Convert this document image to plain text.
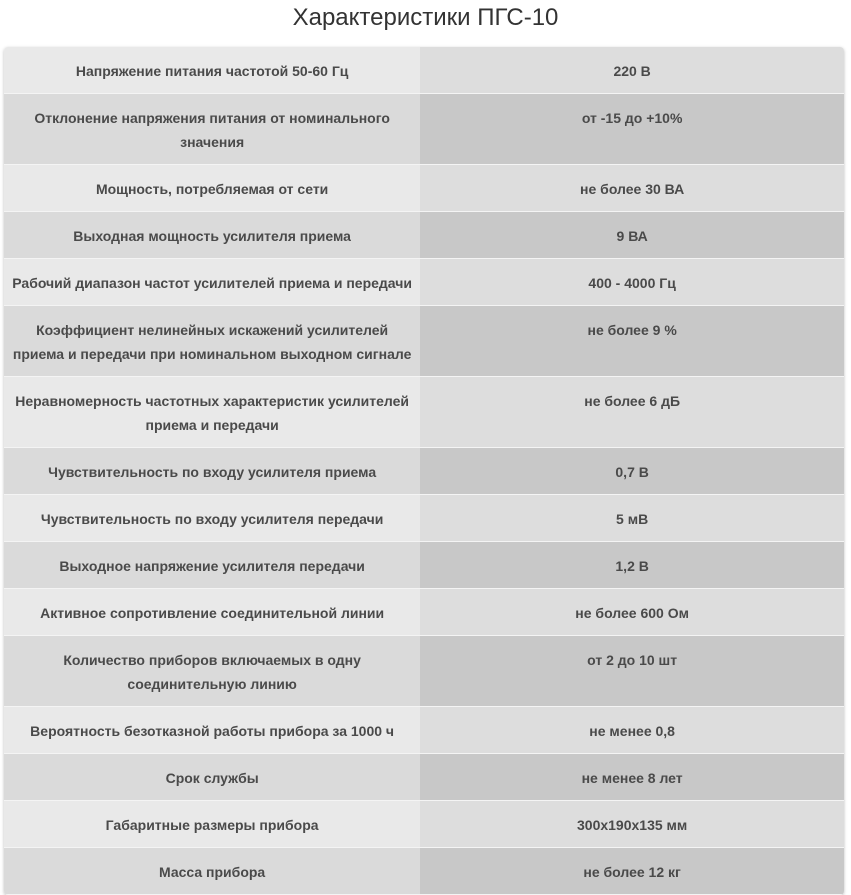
Характеристики ПГС-10
Напряжение питания частотой 50-60 Гц	220 В
Отклонение напряжения питания от номинального значения	от -15 до +10%
Мощность, потребляемая от сети	не более 30 ВА
Выходная мощность усилителя приема	9 ВА
Рабочий диапазон частот усилителей приема и передачи	400 - 4000 Гц
Коэффициент нелинейных искажений усилителей приема и передачи при номинальном выходном сигнале	не более 9 %
Неравномерность частотных характеристик усилителей приема и передачи	не более 6 дБ
Чувствительность по входу усилителя приема	0,7 В
Чувствительность по входу усилителя передачи	5 мВ
Выходное напряжение усилителя передачи	1,2 В
Активное сопротивление соединительной линии	не более 600 Ом
Количество приборов включаемых в одну соединительную линию	от 2 до 10 шт
Вероятность безотказной работы прибора за 1000 ч	не менее 0,8
Срок службы	не менее 8 лет
Габаритные размеры прибора	300х190х135 мм
Масса прибора	не более 12 кг
